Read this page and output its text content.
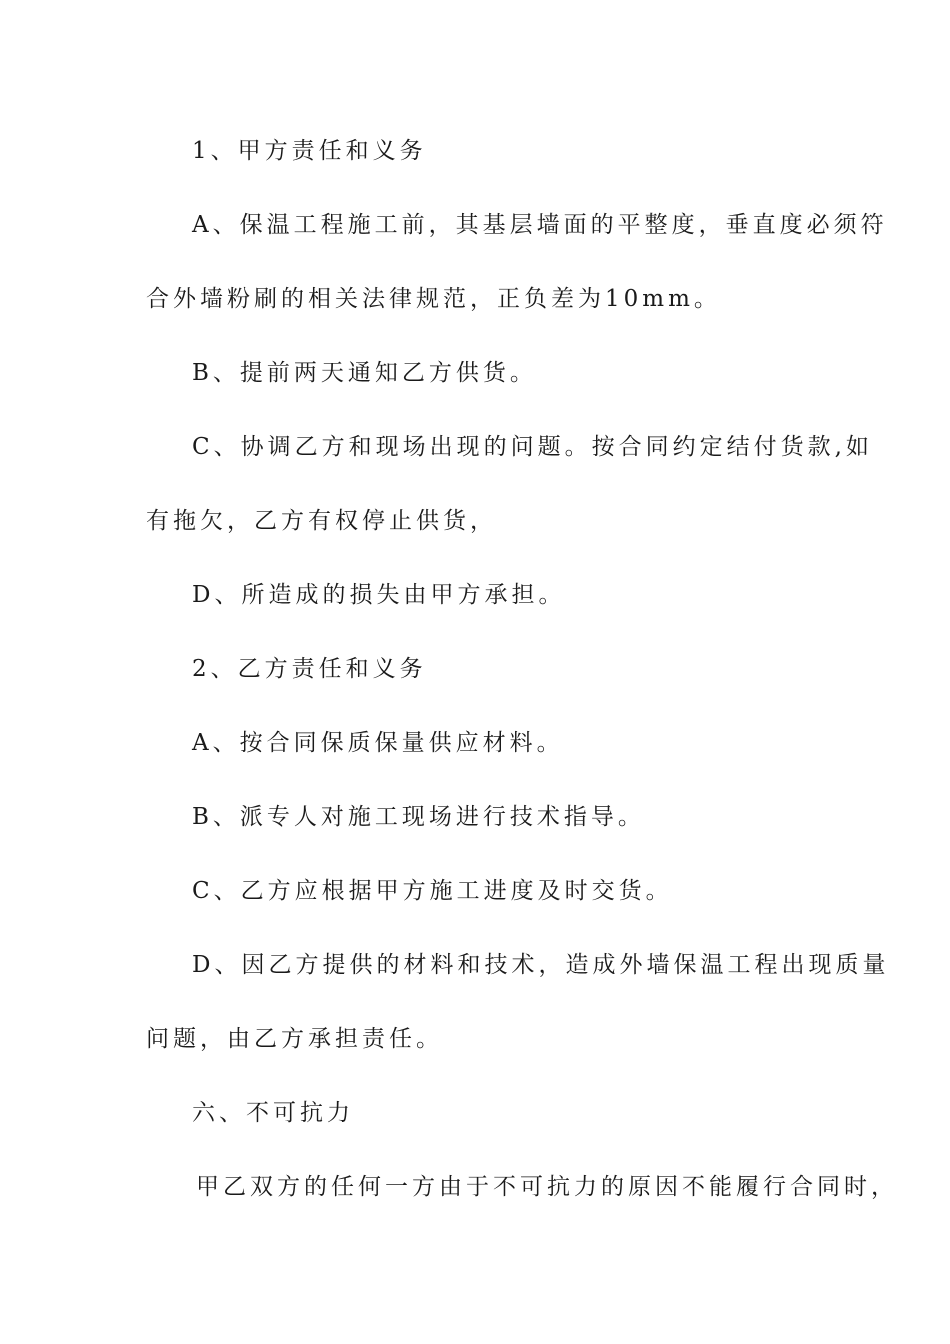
1、甲方责任和义务
A、保温工程施工前，其基层墙面的平整度，垂直度必须符
合外墙粉刷的相关法律规范，正负差为10mm。
B、提前两天通知乙方供货。
C、协调乙方和现场出现的问题。按合同约定结付货款,如
有拖欠，乙方有权停止供货，
D、所造成的损失由甲方承担。
2、乙方责任和义务
A、按合同保质保量供应材料。
B、派专人对施工现场进行技术指导。
C、乙方应根据甲方施工进度及时交货。
D、因乙方提供的材料和技术，造成外墙保温工程出现质量
问题，由乙方承担责任。
六、不可抗力
甲乙双方的任何一方由于不可抗力的原因不能履行合同时，
